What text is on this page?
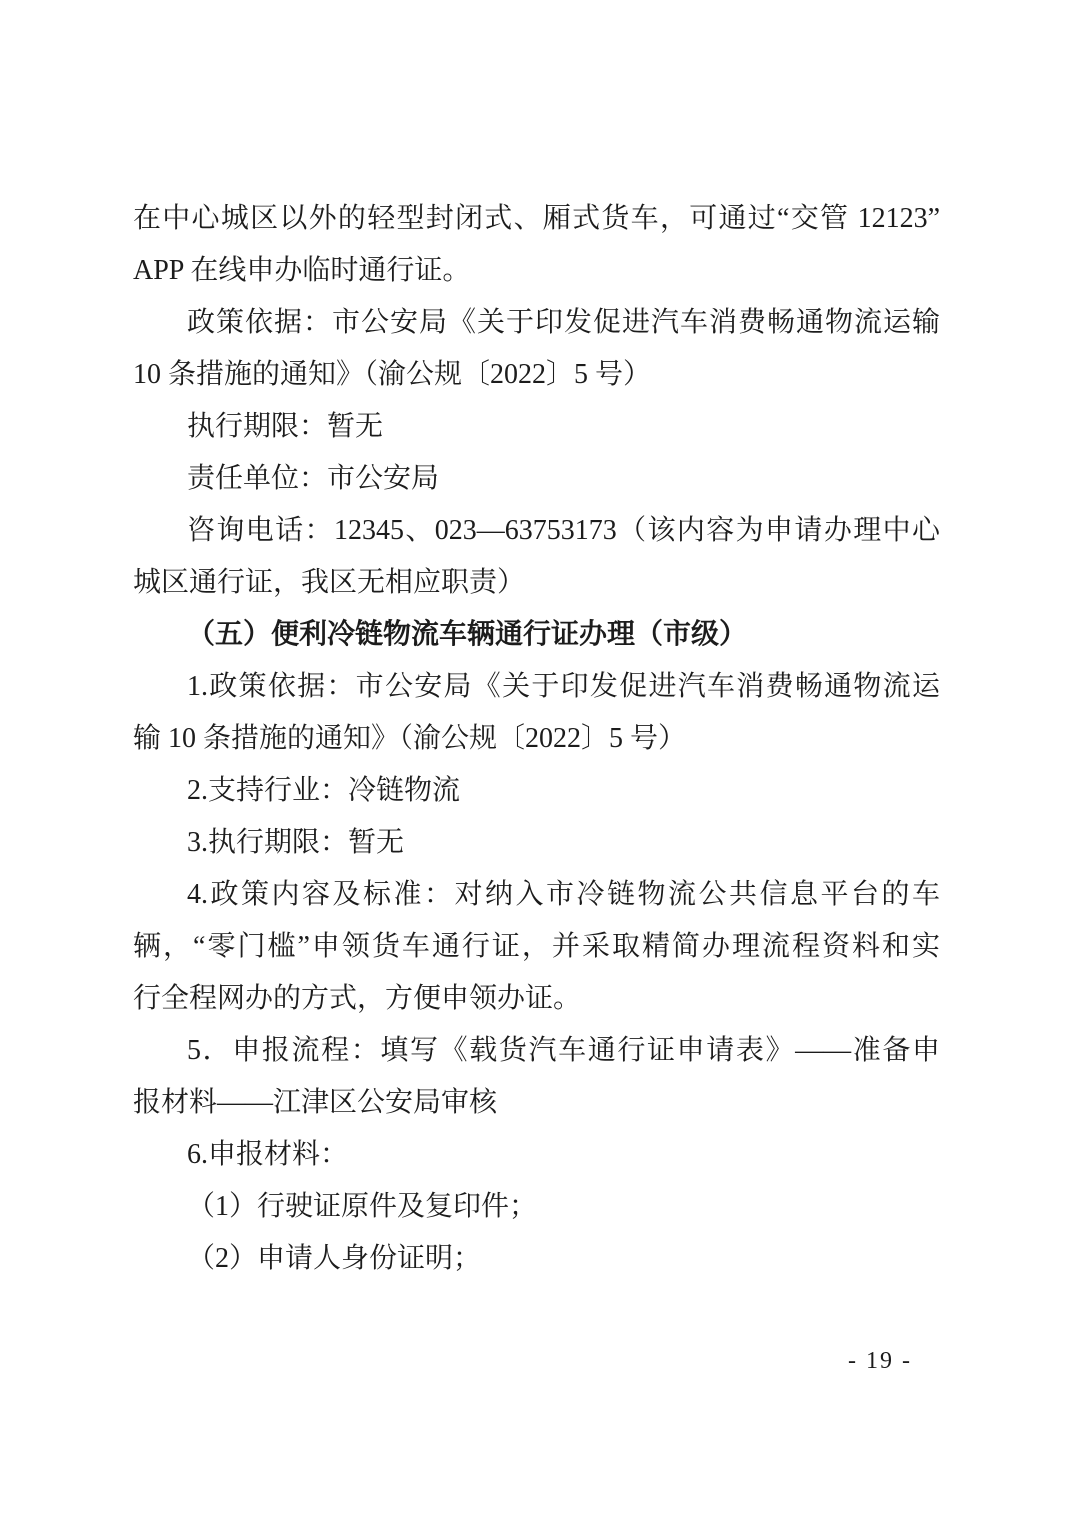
在中心城区以外的轻型封闭式、厢式货车，可通过“交管 12123”
APP 在线申办临时通行证。
政策依据：市公安局《关于印发促进汽车消费畅通物流运输
10 条措施的通知》（渝公规〔2022〕5 号）
执行期限：暂无
责任单位：市公安局
咨询电话：12345、023—63753173（该内容为申请办理中心
城区通行证，我区无相应职责）
（五）便利冷链物流车辆通行证办理（市级）
1.政策依据：市公安局《关于印发促进汽车消费畅通物流运
输 10 条措施的通知》（渝公规〔2022〕5 号）
2.支持行业：冷链物流
3.执行期限：暂无
4.政策内容及标准：对纳入市冷链物流公共信息平台的车
辆，“零门槛”申领货车通行证，并采取精简办理流程资料和实
行全程网办的方式，方便申领办证。
5．申报流程：填写《载货汽车通行证申请表》——准备申
报材料——江津区公安局审核
6.申报材料：
（1）行驶证原件及复印件；
（2）申请人身份证明；
- 19 -
